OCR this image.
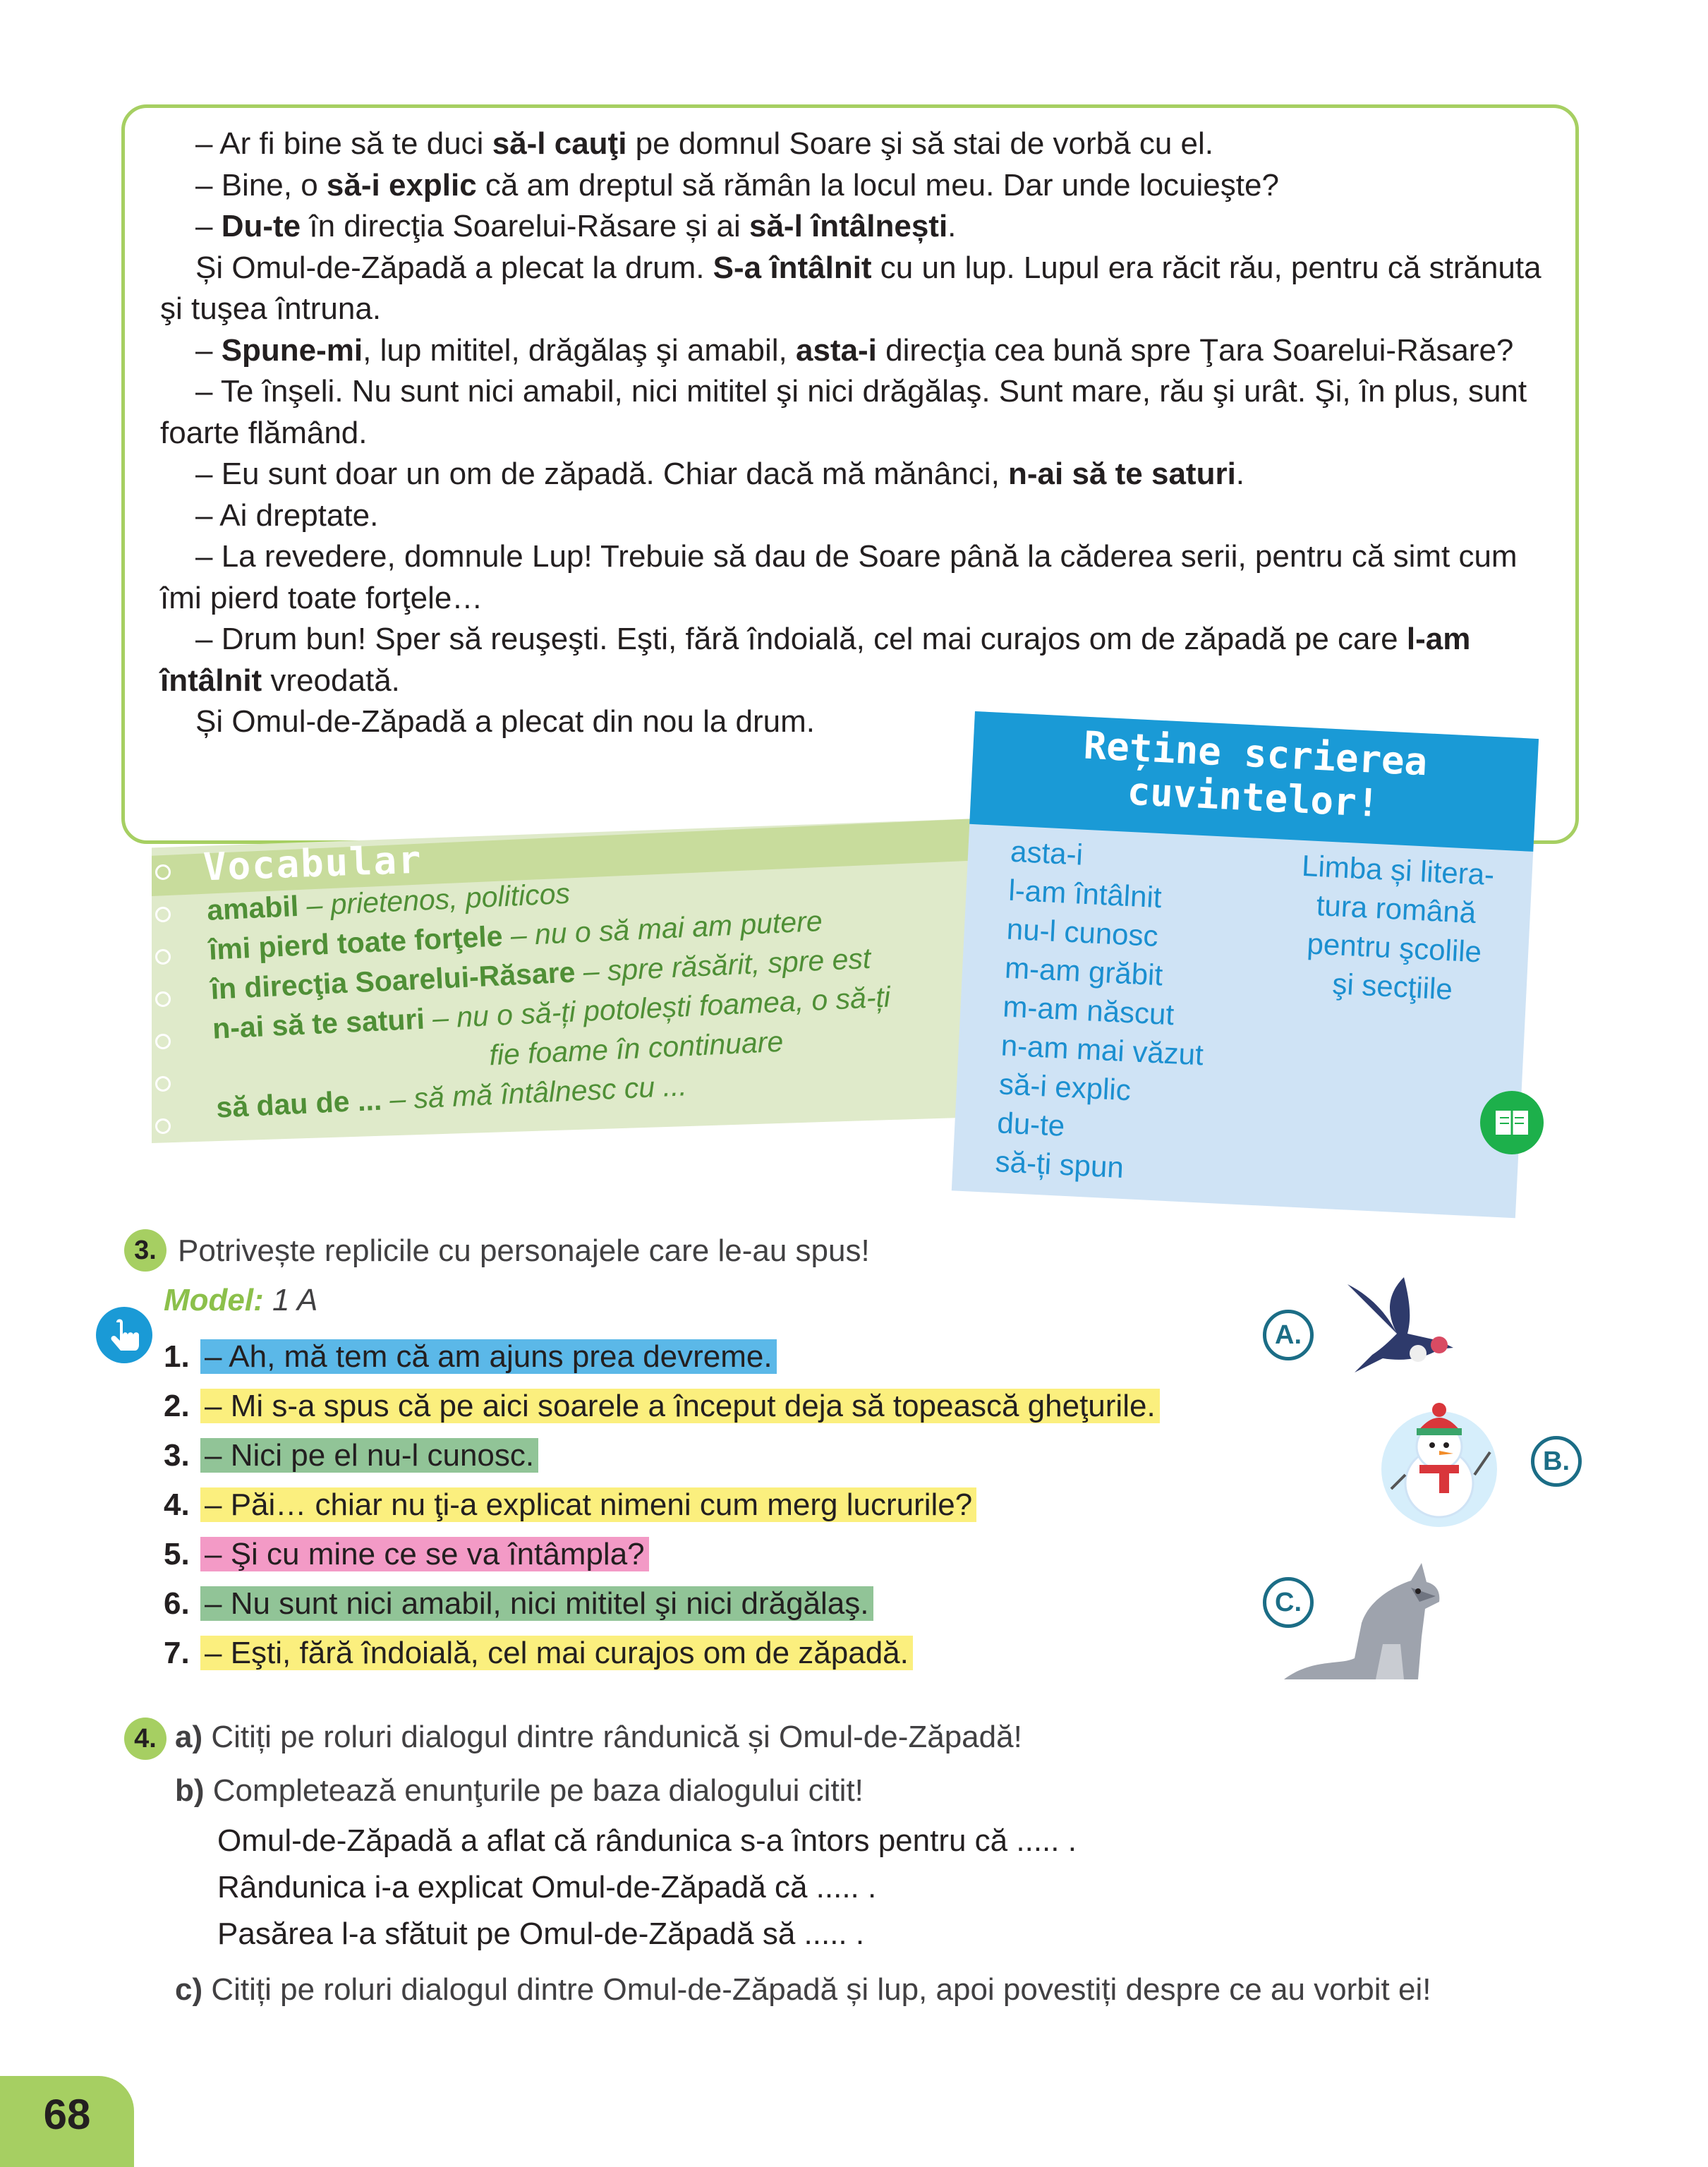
– Ar fi bine să te duci să-l cauţi pe domnul Soare şi să stai de vorbă cu el.

– Bine, o să-i explic că am dreptul să rămân la locul meu. Dar unde locuieşte?

– Du-te în direcţia Soarelui-Răsare și ai să-l întâlnești.

Și Omul-de-Zăpadă a plecat la drum. S-a întâlnit cu un lup. Lupul era răcit rău, pentru că strănuta şi tuşea întruna.

– Spune-mi, lup mititel, drăgălaş şi amabil, asta-i direcţia cea bună spre Ţara Soarelui-Răsare?

– Te înşeli. Nu sunt nici amabil, nici mititel şi nici drăgălaş. Sunt mare, rău şi urât. Şi, în plus, sunt foarte flămând.

– Eu sunt doar un om de zăpadă. Chiar dacă mă mănânci, n-ai să te saturi.

– Ai dreptate.

– La revedere, domnule Lup! Trebuie să dau de Soare până la căderea serii, pentru că simt cum îmi pierd toate forţele…

– Drum bun! Sper să reuşeşti. Eşti, fără îndoială, cel mai curajos om de zăpadă pe care l-am întâlnit vreodată.

Și Omul-de-Zăpadă a plecat din nou la drum.

Vocabular
amabil – prietenos, politicos
îmi pierd toate forţele – nu o să mai am putere
în direcţia Soarelui-Răsare – spre răsărit, spre est
n-ai să te saturi – nu o să-ți potolești foamea, o să-ți
fie foame în continuare
să dau de ... – să mă întâlnesc cu ...
Reține scrierea
cuvintelor!
asta-i
l-am întâlnit
nu-l cunosc
m-am grăbit
m-am născut
n-am mai văzut
să-i explic
du-te
să-ți spun
Limba și litera-
tura română
pentru şcolile
şi secţiile
3. Potrivește replicile cu personajele care le-au spus!
Model: 1 A
1. – Ah, mă tem că am ajuns prea devreme.
2. – Mi s-a spus că pe aici soarele a început deja să topească gheţurile.
3. – Nici pe el nu-l cunosc.
4. – Păi… chiar nu ţi-a explicat nimeni cum merg lucrurile?
5. – Şi cu mine ce se va întâmpla?
6. – Nu sunt nici amabil, nici mititel şi nici drăgălaş.
7. – Eşti, fără îndoială, cel mai curajos om de zăpadă.
A.
B.
C.
4. a) Citiți pe roluri dialogul dintre rândunică și Omul-de-Zăpadă!
b) Completează enunţurile pe baza dialogului citit!
Omul-de-Zăpadă a aflat că rândunica s-a întors pentru că ..... .
Rândunica i-a explicat Omul-de-Zăpadă că ..... .
Pasărea l-a sfătuit pe Omul-de-Zăpadă să ..... .
c) Citiți pe roluri dialogul dintre Omul-de-Zăpadă și lup, apoi povestiți despre ce au vorbit ei!
68
